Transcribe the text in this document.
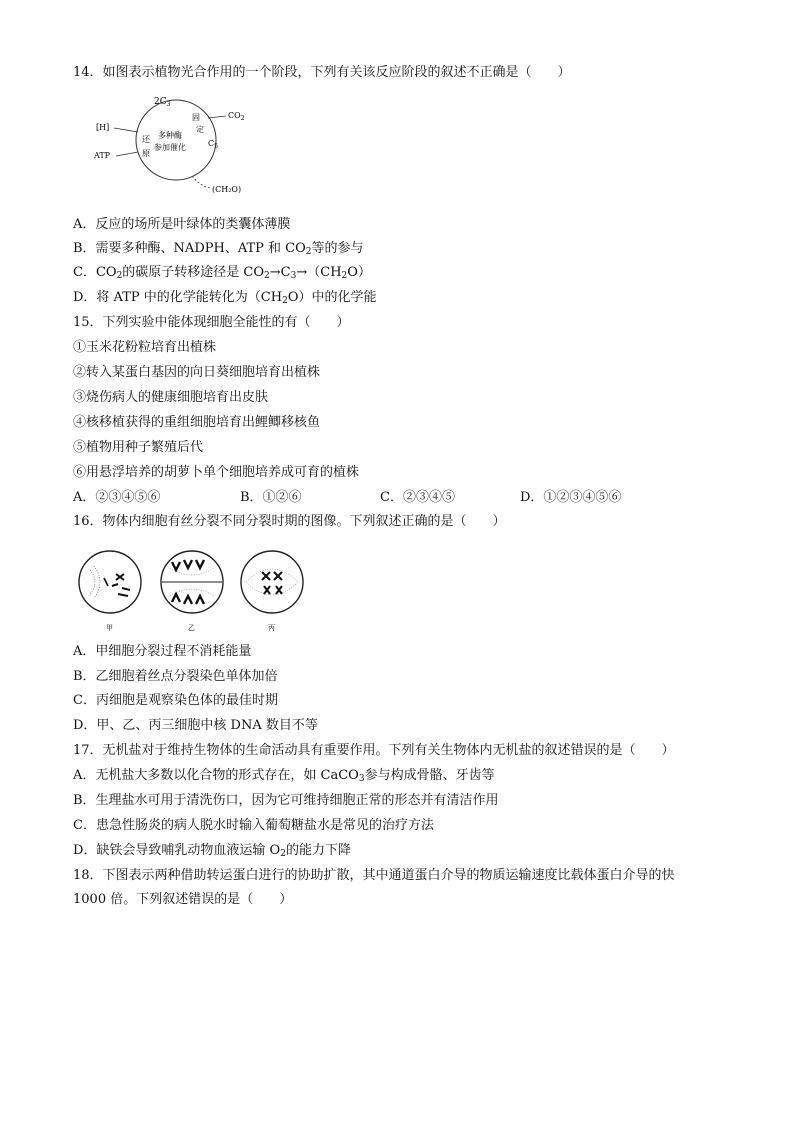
14．如图表示植物光合作用的一个阶段，下列有关该反应阶段的叙述不正确是（　　）
$2C_3$
$CO_2$
固
定
$C_5$
[H]
ATP
还
原
多种酶
参加催化
(CH₂O)
A．反应的场所是叶绿体的类囊体薄膜
B．需要多种酶、NADPH、ATP 和 $CO_2$等的参与
C．$CO_2$的碳原子转移途径是 $CO_2\to C_3\to(CH_2O)$
D．将 ATP 中的化学能转化为$(CH_2O)$中的化学能
15．下列实验中能体现细胞全能性的有（　　）
①玉米花粉粒培育出植株
②转入某蛋白基因的向日葵细胞培育出植株
③烧伤病人的健康细胞培育出皮肤
④核移植获得的重组细胞培育出鲤鲫移核鱼
⑤植物用种子繁殖后代
⑥用悬浮培养的胡萝卜单个细胞培养成可育的植株
A．②③④⑤⑥	B．①②⑥	C．②③④⑤	D．①②③④⑤⑥
16．物体内细胞有丝分裂不同分裂时期的图像。下列叙述正确的是（　　）
甲	乙	丙
A．甲细胞分裂过程不消耗能量
B．乙细胞着丝点分裂染色单体加倍
C．丙细胞是观察染色体的最佳时期
D．甲、乙、丙三细胞中核 DNA 数目不等
17．无机盐对于维持生物体的生命活动具有重要作用。下列有关生物体内无机盐的叙述错误的是（　　）
A．无机盐大多数以化合物的形式存在，如 CaCO$_3$参与构成骨骼、牙齿等
B．生理盐水可用于清洗伤口，因为它可维持细胞正常的形态并有清洁作用
C．患急性肠炎的病人脱水时输入葡萄糖盐水是常见的治疗方法
D．缺铁会导致哺乳动物血液运输 $O_2$的能力下降
18．下图表示两种借助转运蛋白进行的协助扩散，其中通道蛋白介导的物质运输速度比载体蛋白介导的快
1000 倍。下列叙述错误的是（　　）
